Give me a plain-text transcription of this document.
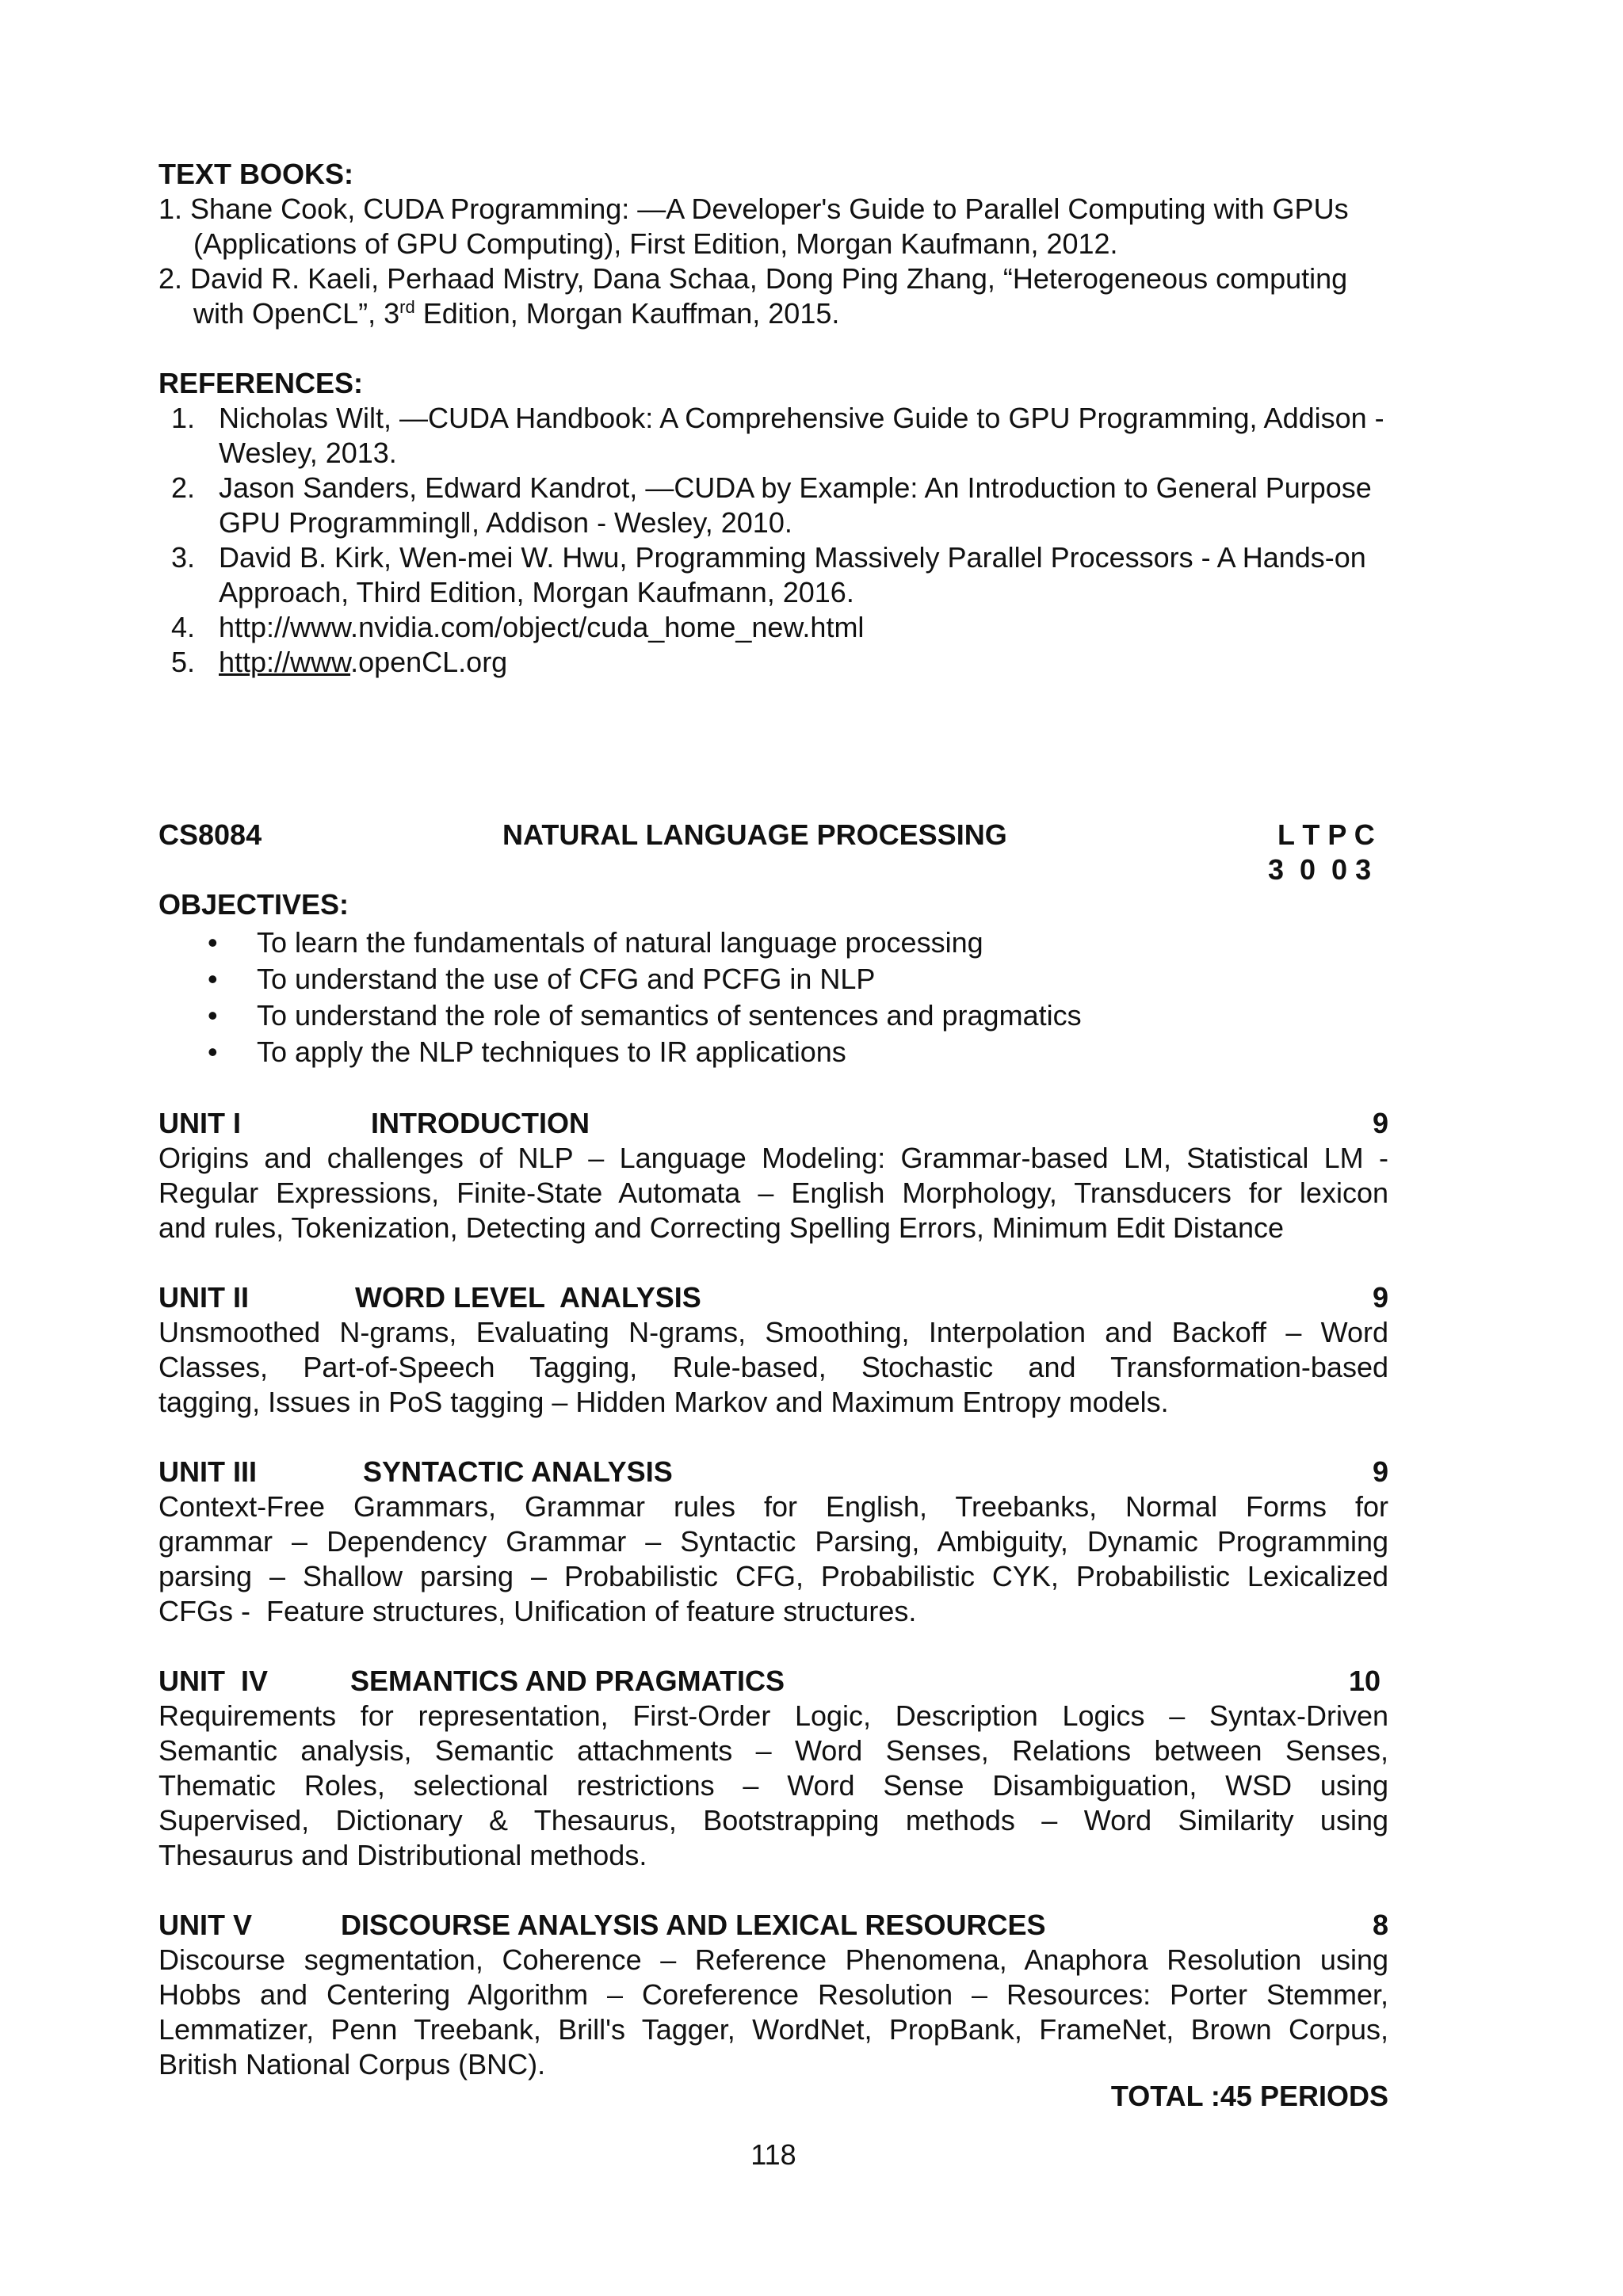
TEXT BOOKS:
1. Shane Cook, CUDA Programming: —A Developer's Guide to Parallel Computing with GPUs
(Applications of GPU Computing), First Edition, Morgan Kaufmann, 2012.
2. David R. Kaeli, Perhaad Mistry, Dana Schaa, Dong Ping Zhang, “Heterogeneous computing
with OpenCL”, 3rd Edition, Morgan Kauffman, 2015.
REFERENCES:
1. Nicholas Wilt, —CUDA Handbook: A Comprehensive Guide to GPU Programming, Addison -
Wesley, 2013.
2. Jason Sanders, Edward Kandrot, —CUDA by Example: An Introduction to General Purpose
GPU Programming‖, Addison - Wesley, 2010.
3. David B. Kirk, Wen-mei W. Hwu, Programming Massively Parallel Processors - A Hands-on
Approach, Third Edition, Morgan Kaufmann, 2016.
4. http://www.nvidia.com/object/cuda_home_new.html
5. http://www.openCL.org
CS8084	NATURAL LANGUAGE PROCESSING	L T P C
3  0  0 3
OBJECTIVES:
• To learn the fundamentals of natural language processing
• To understand the use of CFG and PCFG in NLP
• To understand the role of semantics of sentences and pragmatics
• To apply the NLP techniques to IR applications
UNIT I	INTRODUCTION	9
Origins and challenges of NLP – Language Modeling: Grammar-based LM, Statistical LM -
Regular Expressions, Finite-State Automata – English Morphology, Transducers for lexicon
and rules, Tokenization, Detecting and Correcting Spelling Errors, Minimum Edit Distance
UNIT II	WORD LEVEL  ANALYSIS	9
Unsmoothed N-grams, Evaluating N-grams, Smoothing, Interpolation and Backoff – Word
Classes, Part-of-Speech Tagging, Rule-based, Stochastic and Transformation-based
tagging, Issues in PoS tagging – Hidden Markov and Maximum Entropy models.
UNIT III	SYNTACTIC ANALYSIS	9
Context-Free Grammars, Grammar rules for English, Treebanks, Normal Forms for
grammar – Dependency Grammar – Syntactic Parsing, Ambiguity, Dynamic Programming
parsing – Shallow parsing – Probabilistic CFG, Probabilistic CYK, Probabilistic Lexicalized
CFGs -  Feature structures, Unification of feature structures.
UNIT  IV	SEMANTICS AND PRAGMATICS	10
Requirements for representation, First-Order Logic, Description Logics – Syntax-Driven
Semantic analysis, Semantic attachments – Word Senses, Relations between Senses,
Thematic Roles, selectional restrictions – Word Sense Disambiguation, WSD using
Supervised, Dictionary & Thesaurus, Bootstrapping methods – Word Similarity using
Thesaurus and Distributional methods.
UNIT V	DISCOURSE ANALYSIS AND LEXICAL RESOURCES	8
Discourse segmentation, Coherence – Reference Phenomena, Anaphora Resolution using
Hobbs and Centering Algorithm – Coreference Resolution – Resources: Porter Stemmer,
Lemmatizer, Penn Treebank, Brill's Tagger, WordNet, PropBank, FrameNet, Brown Corpus,
British National Corpus (BNC).
TOTAL :45 PERIODS
118
